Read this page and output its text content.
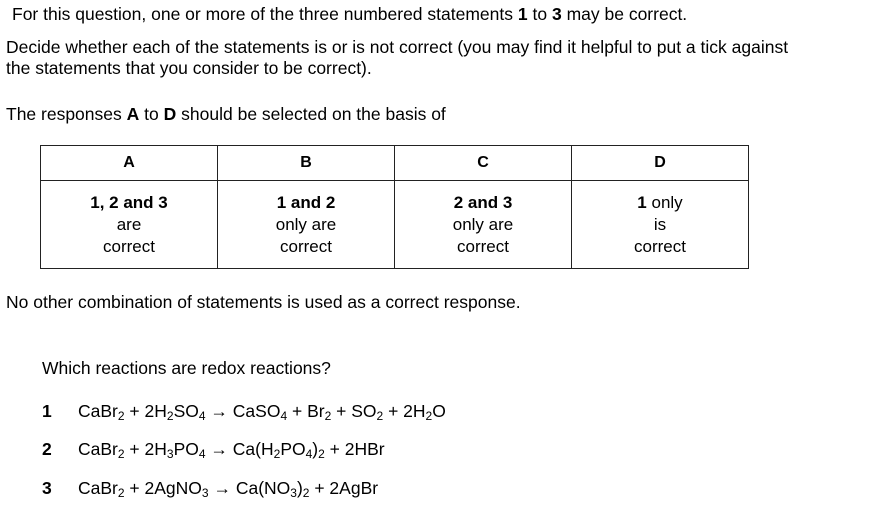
For this question, one or more of the three numbered statements 1 to 3 may be correct.
Decide whether each of the statements is or is not correct (you may find it helpful to put a tick against
the statements that you consider to be correct).
The responses A to D should be selected on the basis of
A	B	C	D

1, 2 and 3
are
correct	1 and 2
only are
correct	2 and 3
only are
correct	1 only
is
correct
No other combination of statements is used as a correct response.
Which reactions are redox reactions?
1 CaBr$_2$ + $2H_2SO_4$ → CaSO$_4$ + $Br_2 + SO_2 + 2H_2O$
2 CaBr$_2$ + $2H_3PO_4 \to Ca(H_2PO_4)_2 + 2HBr$
3 CaBr$_2$ + 2AgNO$_3$ → $Ca(NO_3)_2$ + 2AgBr
